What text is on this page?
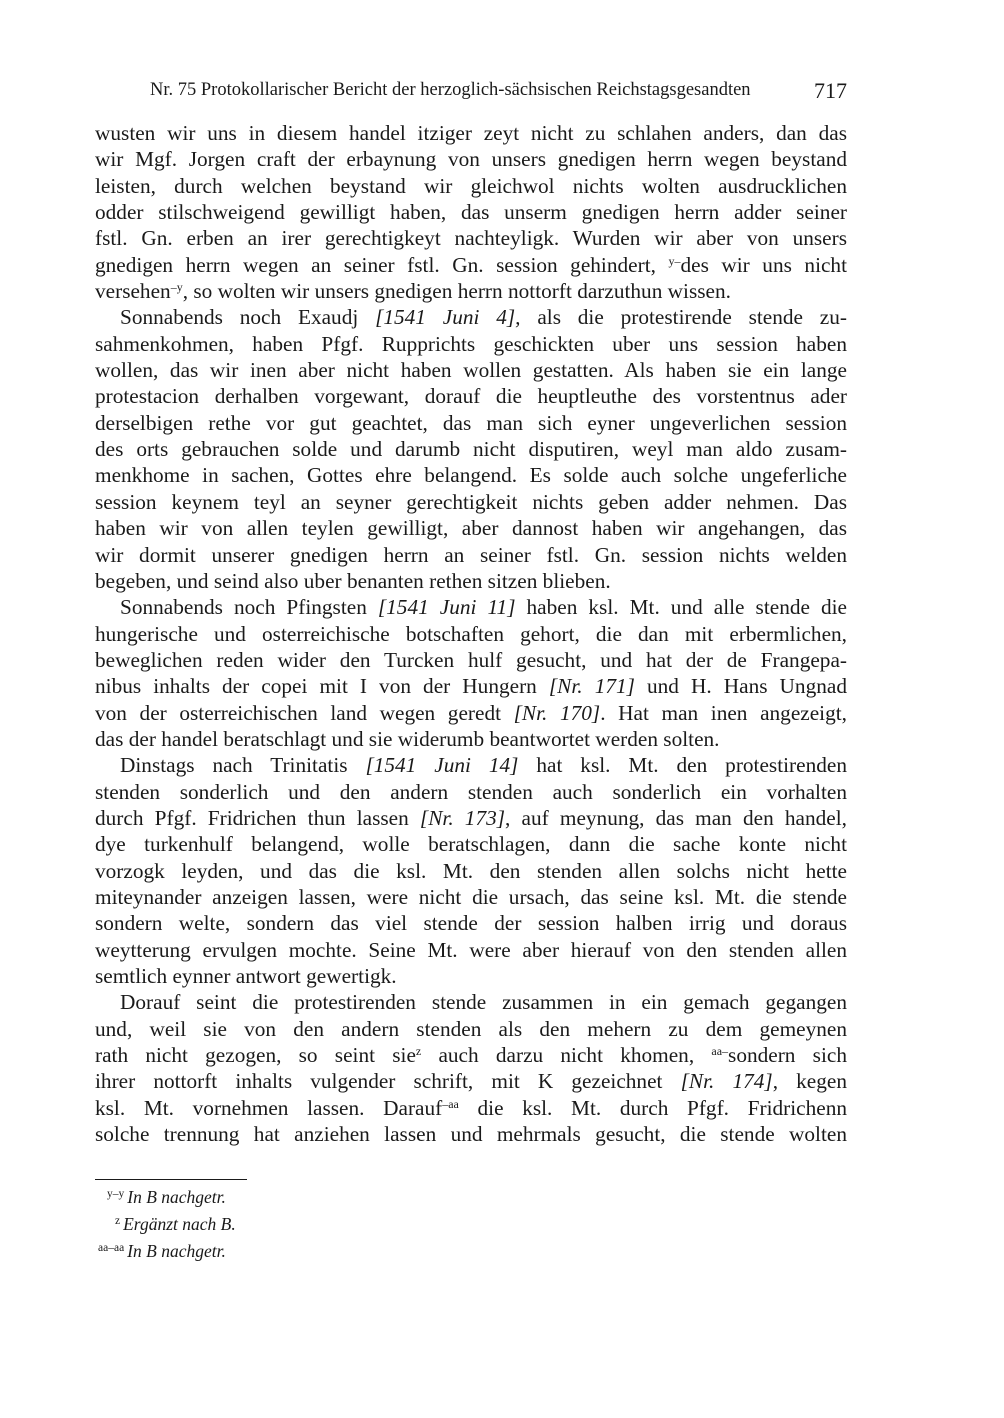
Nr. 75 Protokollarischer Bericht der herzoglich-sächsischen Reichstagsgesandten	717
wusten wir uns in diesem handel itziger zeyt nicht zu schlahen anders, dan das
wir Mgf. Jorgen craft der erbaynung von unsers gnedigen herrn wegen beystand
leisten, durch welchen beystand wir gleichwol nichts wolten ausdrucklichen
odder stilschweigend gewilligt haben, das unserm gnedigen herrn adder seiner
fstl. Gn. erben an irer gerechtigkeyt nachteyligk. Wurden wir aber von unsers
gnedigen herrn wegen an seiner fstl. Gn. session gehindert, $^{y-}$des wir uns nicht
versehen$^{-y}$, so wolten wir unsers gnedigen herrn nottorft darzuthun wissen.
Sonnabends noch Exaudj [1541 Juni 4], als die protestirende stende zu-
sahmenkohmen, haben Pfgf. Rupprichts geschickten uber uns session haben
wollen, das wir inen aber nicht haben wollen gestatten. Als haben sie ein lange
protestacion derhalben vorgewant, dorauf die heuptleuthe des vorstentnus ader
derselbigen rethe vor gut geachtet, das man sich eyner ungeverlichen session
des orts gebrauchen solde und darumb nicht disputiren, weyl man aldo zusam-
menkhome in sachen, Gottes ehre belangend. Es solde auch solche ungeferliche
session keynem teyl an seyner gerechtigkeit nichts geben adder nehmen. Das
haben wir von allen teylen gewilligt, aber dannost haben wir angehangen, das
wir dormit unserer gnedigen herrn an seiner fstl. Gn. session nichts welden
begeben, und seind also uber benanten rethen sitzen blieben.
Sonnabends noch Pfingsten [1541 Juni 11] haben ksl. Mt. und alle stende die
hungerische und osterreichische botschaften gehort, die dan mit erbermlichen,
beweglichen reden wider den Turcken hulf gesucht, und hat der de Frangepa-
nibus inhalts der copei mit I von der Hungern [Nr. 171] und H. Hans Ungnad
von der osterreichischen land wegen geredt [Nr. 170]. Hat man inen angezeigt,
das der handel beratschlagt und sie widerumb beantwortet werden solten.
Dinstags nach Trinitatis [1541 Juni 14] hat ksl. Mt. den protestirenden
stenden sonderlich und den andern stenden auch sonderlich ein vorhalten
durch Pfgf. Fridrichen thun lassen [Nr. 173], auf meynung, das man den handel,
dye turkenhulf belangend, wolle beratschlagen, dann die sache konte nicht
vorzogk leyden, und das die ksl. Mt. den stenden allen solchs nicht hette
miteynander anzeigen lassen, were nicht die ursach, das seine ksl. Mt. die stende
sondern welte, sondern das viel stende der session halben irrig und doraus
weytterung ervulgen mochte. Seine Mt. were aber hierauf von den stenden allen
semtlich eynner antwort gewertigk.
Dorauf seint die protestirenden stende zusammen in ein gemach gegangen
und, weil sie von den andern stenden als den mehern zu dem gemeynen
rath nicht gezogen, so seint sie$^z$ auch darzu nicht khomen, $^{aa-}$sondern sich
ihrer nottorft inhalts vulgender schrift, mit K gezeichnet [Nr. 174], kegen
ksl. Mt. vornehmen lassen. Darauf$^{-aa}$ die ksl. Mt. durch Pfgf. Fridrichenn
solche trennung hat anziehen lassen und mehrmals gesucht, die stende wolten
$^{y-y}$ In B nachgetr.
$^z$ Ergänzt nach B.
$^{aa-aa}$ In B nachgetr.
